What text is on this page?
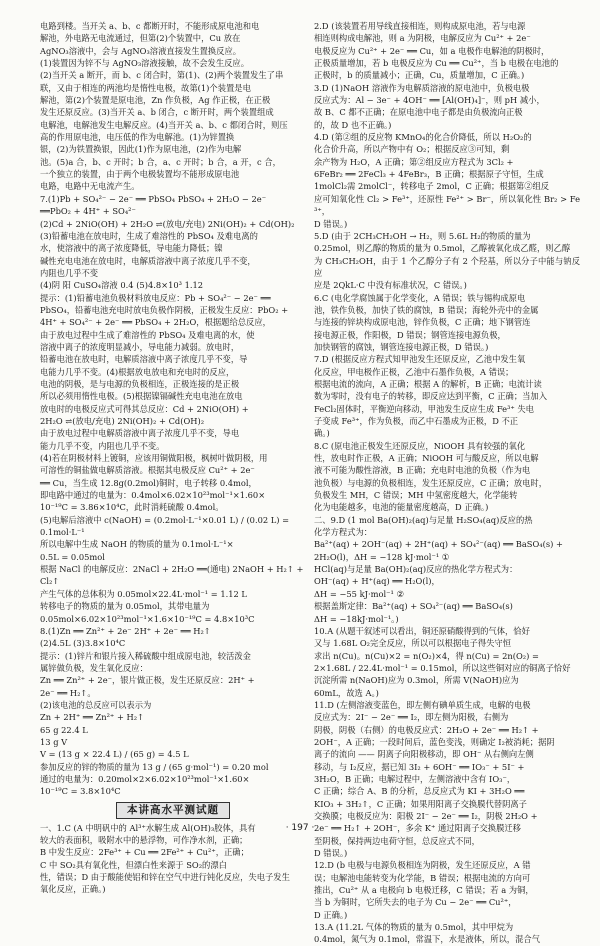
电路到楼。当开关 a、b、c 都断开时，不能形成原电池和电

解池，外电路无电流通过，但第(2)个装置中，Cu 放在

AgNO₃溶液中，会与 AgNO₃溶液直接发生置换反应。

(1)装置因为锌不与 AgNO₃溶液接触，故不会发生反应。

(2)当开关 a 断开，而 b、c 闭合时，第(1)、(2)两个装置发生了串

联，又由于相连的两池均是惰性电极，故第(1)个装置是电

解池，第(2)个装置是原电池，Zn 作负极，Ag 作正极，在正极

发生还原反应。(3)当开关 a、b 闭合，c 断开时，两个装置组成

电解池，电解池发生电解反应。(4)当开关 a、b、c 都闭合时，则压

高的作用原电池，电压低的作为电解池。(1)为锌置换

银，(2)为铁置换银，因此(1)作为原电池，(2)作为电解

池。(5)a 合，b、c 开时；b 合，a、c 开时；b 合，a 开，c 合，

一个独立的装置，由于两个电极装置均不能形成原电池

电路，电路中无电流产生。

7.(1)Pb + SO₄²⁻ − 2e⁻ ══ PbSO₄ PbSO₄ + 2H₂O − 2e⁻

══PbO₂ + 4H⁺ + SO₄²⁻

(2)Cd + 2NiO(OH) + 2H₂O ⇌(放电/充电) 2Ni(OH)₂ + Cd(OH)₂

(3)铅蓄电池在放电时，生成了难溶性的 PbSO₄ 及难电离的

水，使溶液中的离子浓度降低，导电能力降低；镍

碱性充电电池在放电时，电解质溶液中离子浓度几乎不变，

内阻也几乎不变

(4)阴 阳 CuSO₄溶液 0.4 (5)4.8×10³ 1.12

提示：(1)铅蓄电池负极材料放电反应：Pb + SO₄²⁻ − 2e⁻ ══

PbSO₄，铅蓄电池充电时放电负极作阴极，正极发生反应：PbO₂ +

4H⁺ + SO₄²⁻ + 2e⁻ ══ PbSO₄ + 2H₂O，根据题给总反应，

由于放电过程中生成了难溶性的 PbSO₄ 及难电离的水，使

溶液中离子的浓度明显减小，导电能力减弱。放电时，

铅蓄电池在放电时，电解质溶液中离子浓度几乎不变，导

电能力几乎不变。(4)根据放电放电和充电时的反应，

电池的阴极，是与电源的负极相连，正极连接的是正极

所以必须用惰性电极。(5)根据镍镉碱性充电电池在放电

放电时的电极反应式可得其总反应：Cd + 2NiO(OH) +

2H₂O ⇌(放电/充电) 2Ni(OH)₂ + Cd(OH)₂

由于放电过程中电解质溶液中离子浓度几乎不变，导电

能力几乎不变，内阻也几乎不变。

(4)若在阴极材料上镀铜，应该用铜做阳极，枫树叶做阴极，用

可溶性的铜盐做电解质溶液。根据其电极反应 Cu²⁺ + 2e⁻

══ Cu，当生成 12.8g(0.2mol)铜时，电子转移 0.4mol，

即电路中通过的电量为：0.4mol×6.02×10²³mol⁻¹×1.60×

10⁻¹⁹C = 3.86×10⁴C，此时消耗硫酸 0.4mol。

(5)电解后溶液中 c(NaOH) = (0.2mol·L⁻¹×0.01 L) / (0.02 L) =

0.1mol·L⁻¹

所以电解中生成 NaOH 的物质的量为 0.1mol·L⁻¹×

0.5L = 0.05mol

根据 NaCl 的电解反应：2NaCl + 2H₂O ══(通电) 2NaOH + H₂↑ +

Cl₂↑

产生气体的总体积为 0.05mol×22.4L·mol⁻¹ = 1.12 L

转移电子的物质的量为 0.05mol，其带电量为

0.05mol×6.02×10²³mol⁻¹×1.6×10⁻¹⁹C = 4.8×10³C

8.(1)Zn ══ Zn²⁺ + 2e⁻ 2H⁺ + 2e⁻ ══ H₂↑

(2)4.5L (3)3.8×10⁴C

提示：(1)锌片和银片接入稀硫酸中组成原电池，较活泼金

属锌做负极，发生氧化反应：

Zn ══ Zn²⁺ + 2e⁻，银片做正极，发生还原反应：2H⁺ +

2e⁻ ══ H₂↑。

(2)该电池的总反应可以表示为

Zn + 2H⁺ ══ Zn²⁺ + H₂↑

65 g 22.4 L

13 g V

V = (13 g × 22.4 L) / (65 g) = 4.5 L

参加反应的锌的物质的量为 13 g / (65 g·mol⁻¹) = 0.20 mol

通过的电量为：0.20mol×2×6.02×10²³mol⁻¹×1.60×

10⁻¹⁹C = 3.8×10⁴C

本讲高水平测试题

一、1.C (A 中明矾中的 Al³⁺水解生成 Al(OH)₃胶体，具有

较大的表面积，吸附水中的悬浮物，可作净水剂，正确；

B 中发生反应：2Fe³⁺ + Cu ══ 2Fe²⁺ + Cu²⁺，正确；

C 中 SO₂具有氧化性，但漂白性来源于 SO₂的漂白

性，错误；D 由于酸能使铝和锌在空气中进行钝化反应，失电子发生

氧化反应，正确。)

2.D (该装置若用导线直接相连，则构成原电池，若与电源

相连则构成电解池，则 a 为阴极，电解反应为 Cu²⁺ + 2e⁻

电极反应为 Cu²⁺ + 2e⁻ ══ Cu，如 a 电极作电解池的阴极时，

正极质量增加，若 b 电极反应为 Cu ══ Cu²⁺，当 b 电极在电池的

正极时，b 的质量减小；正确，Cu，质量增加，C 正确。)

3.D (1)NaOH 溶液作为电解质溶液的原电池中，负极电极

反应式为：Al − 3e⁻ + 4OH⁻ ══ [Al(OH)₄]⁻，则 pH 减小，

故 B、C 都不正确；在原电池中电子都是由负极流向正极

的，故 D 也不正确。)

4.D (第②组的反应物 KMnO₄的化合价降低，所以 H₂O₂的

化合价升高，所以产物中有 O₂；根据反应③可知，剩

余产物为 H₂O，A 正确；第②组反应方程式为 3Cl₂ +

6FeBr₂ ══ 2FeCl₃ + 4FeBr₃，B 正确；根据原子守恒，生成

1molCl₂需 2molCl⁻，转移电子 2mol，C 正确；根据第②组反

应可知氧化性 Cl₂ > Fe³⁺，还原性 Fe²⁺ > Br⁻，所以氧化性 Br₂ > Fe³⁺，

D 错误。)

5.D (由于 2CH₃CH₂OH → H₂，则 5.6L H₂的物质的量为

0.25mol，则乙醇的物质的量为 0.5mol，乙醇被氧化成乙醛，则乙醇

为 CH₃CH₂OH，由于 1 个乙醇分子有 2 个羟基，所以分子中能与钠反应

应是 2QkL·C 中没有标准状况，C 错误。)

6.C (电化学腐蚀属于化学变化，A 错误；铁与锡构成原电

池，铁作负极，加快了铁的腐蚀，B 错误；海轮外壳中的金属

与连接的锌块构成原电池，锌作负极，C 正确；地下钢管连

接电源正极，作阳极，D 错误；钢管连接电源负极，

加快钢管的腐蚀，钢管连接电源正极，D 错误。)

7.D (根据反应方程式知甲池发生还原反应，乙池中发生氧

化反应，甲电极作正极，乙池中石墨作负极，A 错误；

根据电流的流向，A 正确；根据 A 的解析，B 正确；电流计读

数为零时，没有电子的转移，即反应达到平衡，C 正确；当加入

FeCl₂固体时，平衡逆向移动，甲池发生反应生成 Fe³⁺ 失电

子变成 Fe³⁺，作为负极，而乙中石墨成为正极，D 不正

确。)

8.C (原电池正极发生还原反应，NiOOH 具有较强的氧化

性，放电时作正极，A 正确；NiOOH 可与酸反应，所以电解

液不可能为酸性溶液，B 正确；充电时电池的负极（作为电

池负极）与电源的负极相连，发生还原反应，C 正确；放电时，

负极发生 MH，C 错误；MH 中氢密度越大，化学能转

化为电能越多，电池的能量密度越高，D 正确。)

二、9.D (1 mol Ba(OH)₂(aq)与足量 H₂SO₄(aq)反应的热

化学方程式为：

Ba²⁺(aq) + 2OH⁻(aq) + 2H⁺(aq) + SO₄²⁻(aq) ══ BaSO₄(s) +

2H₂O(l)，ΔH = −128 kJ·mol⁻¹ ①

HCl(aq)与足量 Ba(OH)₂(aq)反应的热化学方程式为：

OH⁻(aq) + H⁺(aq) ══ H₂O(l)，

ΔH = −55 kJ·mol⁻¹ ②

根据盖斯定律：Ba²⁺(aq) + SO₄²⁻(aq) ══ BaSO₄(s)

ΔH = −18kJ·mol⁻¹。)

10.A (从题干叙述可以看出，铜还原硝酸得到的气体，恰好

又与 1.68L O₂完全反应，所以可以根据电子得失守恒

求出 n(Cu)。n(Cu)×2 = n(O₂)×4，得 n(Cu) = 2n(O₂) =

2×1.68L / 22.4L·mol⁻¹ = 0.15mol，所以这些铜对应的铜离子恰好

沉淀所需 n(NaOH)应为 0.3mol，所需 V(NaOH)应为

60mL，故选 A。)

11.D (左侧溶液变蓝色，即左侧有碘单质生成，电解的电极

反应式为：2I⁻ − 2e⁻ ══ I₂，即左侧为阳极，右侧为

阴极，阴极（右侧）的电极反应式：2H₂O + 2e⁻ ══ H₂↑ +

2OH⁻，A 正确；一段时间后，蓝色变浅，则确定 I₂被消耗；据阴

离子的流向 —— 阴离子向阳极移动，即 OH⁻ 从右侧向左侧

移动，与 I₂反应，据已知 3I₂ + 6OH⁻ ══ IO₃⁻ + 5I⁻ +

3H₂O，B 正确；电解过程中，左侧溶液中含有 IO₃⁻，

C 正确；综合 A、B 的分析，总反应式为 KI + 3H₂O ══

KIO₃ + 3H₂↑，C 正确；如果用阳离子交换膜代替阴离子

交换膜；电极反应为：阳极 2I⁻ − 2e⁻ ══ I₂，阴极 2H₂O +

2e⁻ ══ H₂↑ + 2OH⁻，多余 K⁺ 通过阳离子交换膜迁移

至阴极，保持两边电荷守恒，总反应式不同，

D 错误。)

12.D (b 电极与电源负极相连为阴极，发生还原反应，A 错

误；电解池电能转变为化学能，B 错误；根据电流的方向可

推出，Cu²⁺ 从 a 电极向 b 电极迁移，C 错误；若 a 为铜，

当 b 为铜时，它所失去的电子为 Cu − 2e⁻ ══ Cu²⁺，

D 正确。)

13.A (11.2L 气体的物质的量为 0.5mol，其中甲烷为

0.4mol，氮气为 0.1mol，常温下，水是液体，所以，混合气

· 197 ·
